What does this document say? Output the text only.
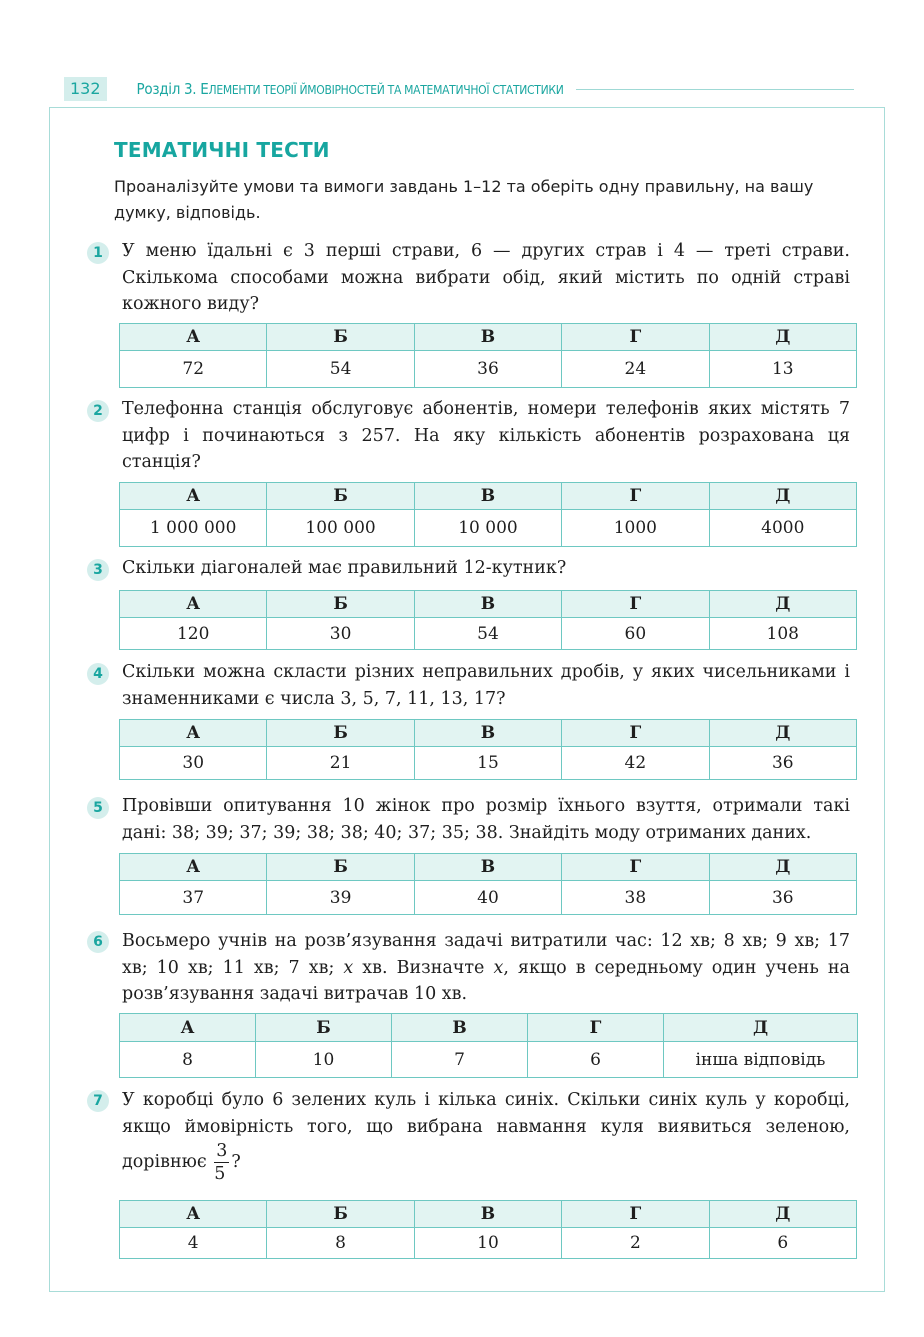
132	Розділ 3. ЕЛЕМЕНТИ ТЕОРІЇ ЙМОВІРНОСТЕЙ ТА МАТЕМАТИЧНОЇ СТАТИСТИКИ
ТЕМАТИЧНІ ТЕСТИ
Проаналізуйте умови та вимоги завдань 1–12 та оберіть одну правильну, на вашу думку, відповідь.
1	У меню їдальні є 3 перші страви, 6 — других страв і 4 — треті страви. Скількома способами можна вибрати обід, який містить по одній страві кожного виду?
А	Б	В	Г	Д
72	54	36	24	13
2	Телефонна станція обслуговує абонентів, номери телефонів яких містять 7 цифр і починаються з 257. На яку кількість абонентів розрахована ця станція?
А	Б	В	Г	Д
1 000 000	100 000	10 000	1000	4000
3	Скільки діагоналей має правильний 12-кутник?
А	Б	В	Г	Д
120	30	54	60	108
4	Скільки можна скласти різних неправильних дробів, у яких чисельниками і знаменниками є числа 3, 5, 7, 11, 13, 17?
А	Б	В	Г	Д
30	21	15	42	36
5	Провівши опитування 10 жінок про розмір їхнього взуття, отримали такі дані: 38; 39; 37; 39; 38; 38; 40; 37; 35; 38. Знайдіть моду отриманих даних.
А	Б	В	Г	Д
37	39	40	38	36
6	Восьмеро учнів на розв’язування задачі витратили час: 12 хв; 8 хв; 9 хв; 17 хв; 10 хв; 11 хв; 7 хв; x хв. Визначте x, якщо в середньому один учень на розв’язування задачі витрачав 10 хв.
А	Б	В	Г	Д
8	10	7	6	інша відповідь
7	У коробці було 6 зелених куль і кілька синіх. Скільки синіх куль у коробці, якщо ймовірність того, що вибрана навмання куля виявиться зеленою, дорівнює $\frac{3}{5}$ ?
А	Б	В	Г	Д
4	8	10	2	6
